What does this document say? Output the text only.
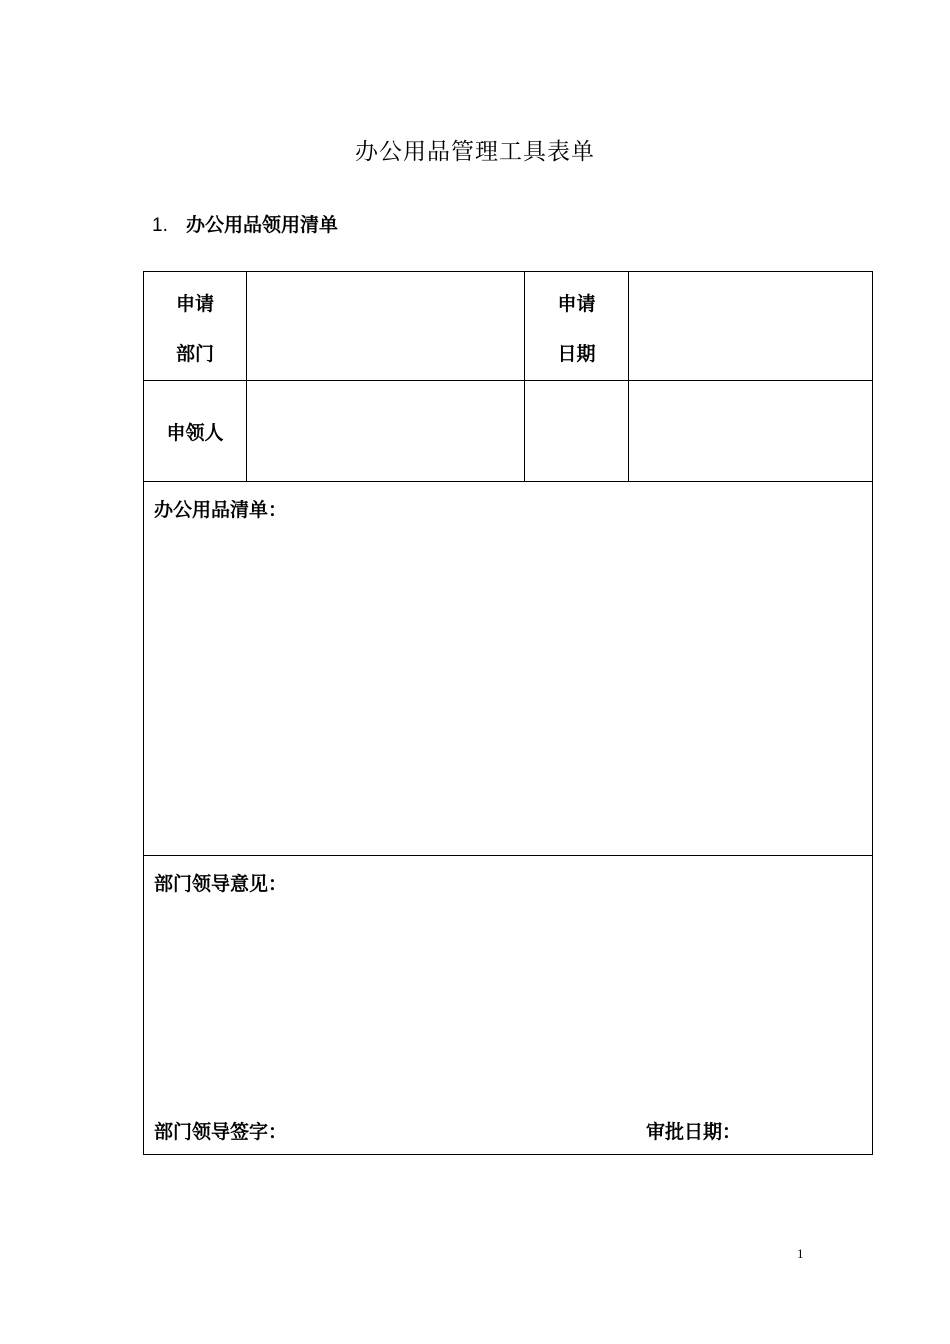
办公用品管理工具表单
1. 办公用品领用清单
申请
部门
申请
日期
申领人
办公用品清单：
部门领导意见：
部门领导签字：	审批日期：
1
